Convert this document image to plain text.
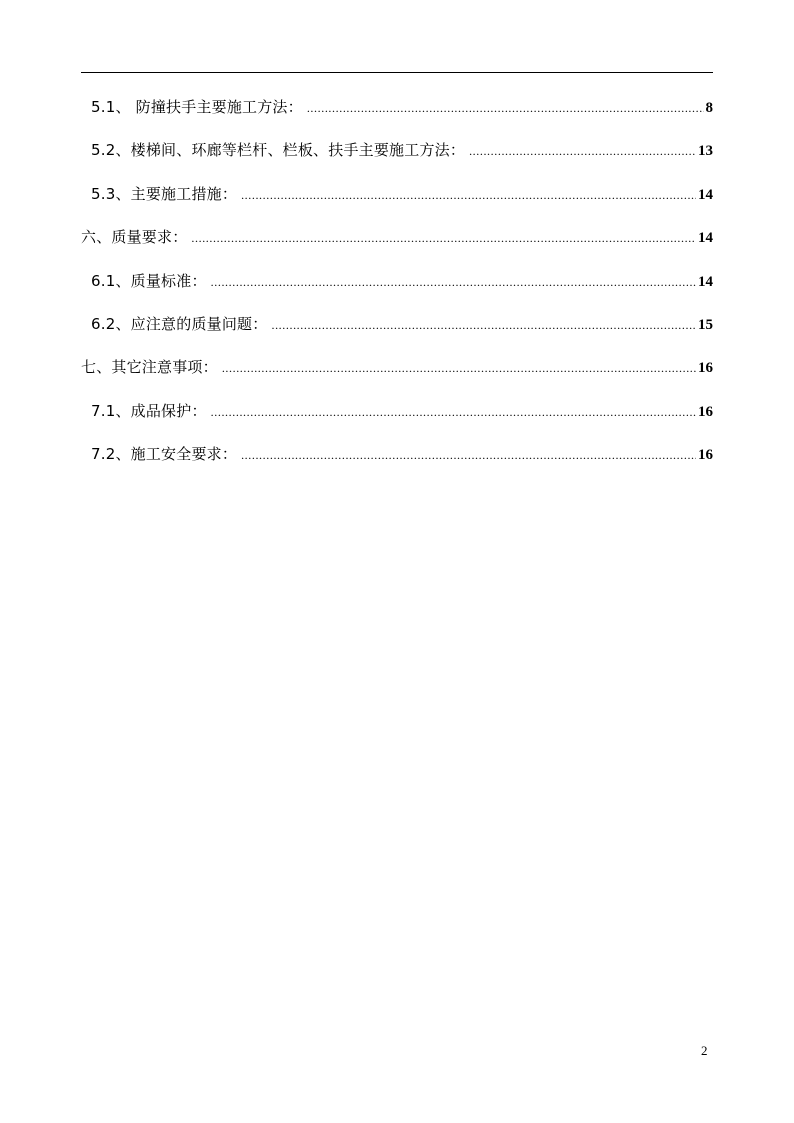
5.1、 防撞扶手主要施工方法： .....	8
5.2、楼梯间、环廊等栏杆、栏板、扶手主要施工方法： .....	13
5.3、主要施工措施： .....	14
六、质量要求： .....	14
6.1、质量标准： .....	14
6.2、应注意的质量问题： .....	15
七、其它注意事项： .....	16
7.1、成品保护： .....	16
7.2、施工安全要求： .....	16
2
